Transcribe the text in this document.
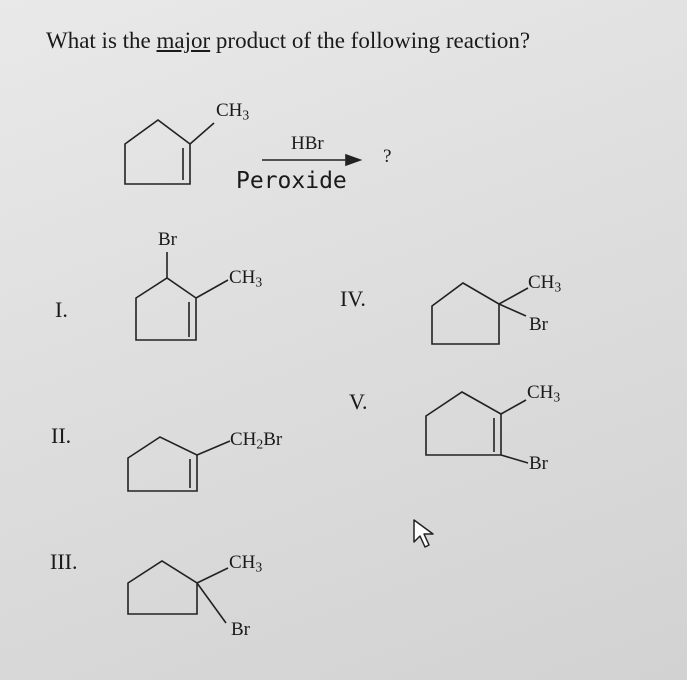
What is the major product of the following reaction?
$CH_3$
HBr
Peroxide
?
I.
II.
III.
IV.
V.
Br
$CH_3$
$CH_2Br$
$CH_3$
Br
$CH_3$
Br
$CH_3$
Br
